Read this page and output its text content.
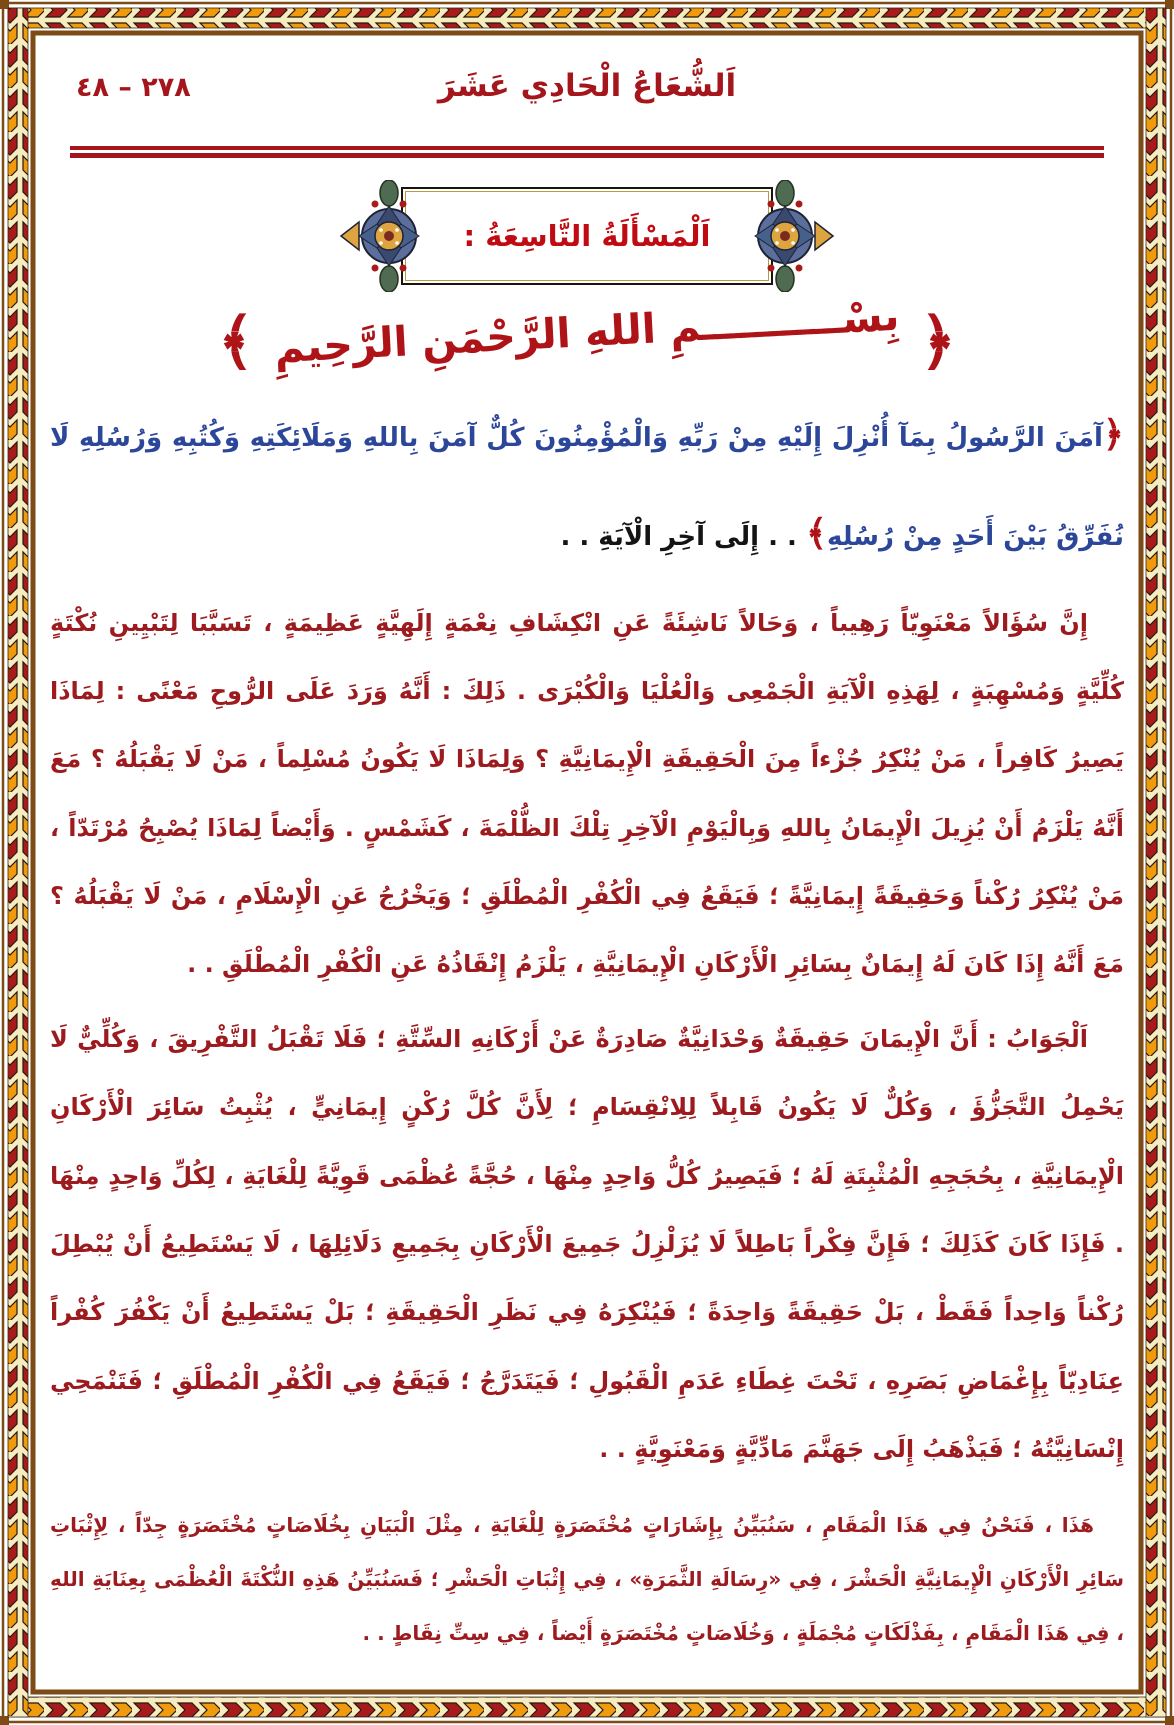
٢٧٨ – ٤٨	اَلشُّعَاعُ الْحَادِي عَشَرَ
اَلْمَسْأَلَةُ التَّاسِعَةُ :
﴿بِسْــــــــــمِ اللهِ الرَّحْمَنِ الرَّحِيمِ﴾

﴿آمَنَ الرَّسُولُ بِمَآ أُنْزِلَ إِلَيْهِ مِنْ رَبِّهِ وَالْمُؤْمِنُونَ كُلٌّ آمَنَ بِاللهِ وَمَلَائِكَتِهِ وَكُتُبِهِ وَرُسُلِهِ لَا نُفَرِّقُ بَيْنَ أَحَدٍ مِنْ رُسُلِهِ﴾ . . إِلَى آخِرِ الْآيَةِ . .

إِنَّ سُؤَالاً مَعْنَوِيّاً رَهِيباً ، وَحَالاً نَاشِئَةً عَنِ انْكِشَافِ نِعْمَةٍ إِلَهِيَّةٍ عَظِيمَةٍ ، تَسَبَّبَا لِتَبْيِينِ نُكْتَةٍ كُلِّيَّةٍ وَمُسْهِبَةٍ ، لِهَذِهِ الْآيَةِ الْجَمْعِى وَالْعُلْيَا وَالْكُبْرَى . ذَلِكَ : أَنَّهُ وَرَدَ عَلَى الرُّوحِ مَعْنًى : لِمَاذَا يَصِيرُ كَافِراً ، مَنْ يُنْكِرُ جُزْءاً مِنَ الْحَقِيقَةِ الْإِيمَانِيَّةِ ؟ وَلِمَاذَا لَا يَكُونُ مُسْلِماً ، مَنْ لَا يَقْبَلُهُ ؟ مَعَ أَنَّهُ يَلْزَمُ أَنْ يُزِيلَ الْإِيمَانُ بِاللهِ وَبِالْيَوْمِ الْآخِرِ تِلْكَ الظُّلْمَةَ ، كَشَمْسٍ . وَأَيْضاً لِمَاذَا يُصْبِحُ مُرْتَدّاً ، مَنْ يُنْكِرُ رُكْناً وَحَقِيقَةً إِيمَانِيَّةً ؛ فَيَقَعُ فِي الْكُفْرِ الْمُطْلَقِ ؛ وَيَخْرُجُ عَنِ الْإِسْلَامِ ، مَنْ لَا يَقْبَلُهُ ؟ مَعَ أَنَّهُ إِذَا كَانَ لَهُ إِيمَانٌ بِسَائِرِ الْأَرْكَانِ الْإِيمَانِيَّةِ ، يَلْزَمُ إِنْقَاذُهُ عَنِ الْكُفْرِ الْمُطْلَقِ . .

اَلْجَوَابُ : أَنَّ الْإِيمَانَ حَقِيقَةٌ وَحْدَانِيَّةٌ صَادِرَةٌ عَنْ أَرْكَانِهِ السِّتَّةِ ؛ فَلَا تَقْبَلُ التَّفْرِيقَ ، وَكُلِّيٌّ لَا يَحْمِلُ التَّجَزُّؤَ ، وَكُلٌّ لَا يَكُونُ قَابِلاً لِلِانْقِسَامِ ؛ لِأَنَّ كُلَّ رُكْنٍ إِيمَانِيٍّ ، يُثْبِتُ سَائِرَ الْأَرْكَانِ الْإِيمَانِيَّةِ ، بِحُجَجِهِ الْمُثْبِتَةِ لَهُ ؛ فَيَصِيرُ كُلُّ وَاحِدٍ مِنْهَا ، حُجَّةً عُظْمَى قَوِيَّةً لِلْغَايَةِ ، لِكُلِّ وَاحِدٍ مِنْهَا . فَإِذَا كَانَ كَذَلِكَ ؛ فَإِنَّ فِكْراً بَاطِلاً لَا يُزَلْزِلُ جَمِيعَ الْأَرْكَانِ بِجَمِيعِ دَلَائِلِهَا ، لَا يَسْتَطِيعُ أَنْ يُبْطِلَ رُكْناً وَاحِداً فَقَطْ ، بَلْ حَقِيقَةً وَاحِدَةً ؛ فَيُنْكِرَهُ فِي نَظَرِ الْحَقِيقَةِ ؛ بَلْ يَسْتَطِيعُ أَنْ يَكْفُرَ كُفْراً عِنَادِيّاً بِإِغْمَاضِ بَصَرِهِ ، تَحْتَ غِطَاءِ عَدَمِ الْقَبُولِ ؛ فَيَتَدَرَّجُ ؛ فَيَقَعُ فِي الْكُفْرِ الْمُطْلَقِ ؛ فَتَنْمَحِي إِنْسَانِيَّتُهُ ؛ فَيَذْهَبُ إِلَى جَهَنَّمَ مَادِّيَّةٍ وَمَعْنَوِيَّةٍ . .

هَذَا ، فَنَحْنُ فِي هَذَا الْمَقَامِ ، سَنُبَيِّنُ بِإِشَارَاتٍ مُخْتَصَرَةٍ لِلْغَايَةِ ، مِثْلَ الْبَيَانِ بِخُلَاصَاتٍ مُخْتَصَرَةٍ جِدّاً ، لِإِثْبَاتِ سَائِرِ الْأَرْكَانِ الْإِيمَانِيَّةِ الْحَشْرَ ، فِي «رِسَالَةِ الثَّمَرَةِ» ، فِي إِثْبَاتِ الْحَشْرِ ؛ فَسَنُبَيِّنُ هَذِهِ النُّكْتَةَ الْعُظْمَى بِعِنَايَةِ اللهِ ، فِي هَذَا الْمَقَامِ ، بِفَذْلَكَاتٍ مُجْمَلَةٍ ، وَخُلَاصَاتٍ مُخْتَصَرَةٍ أَيْضاً ، فِي سِتِّ نِقَاطٍ . .
